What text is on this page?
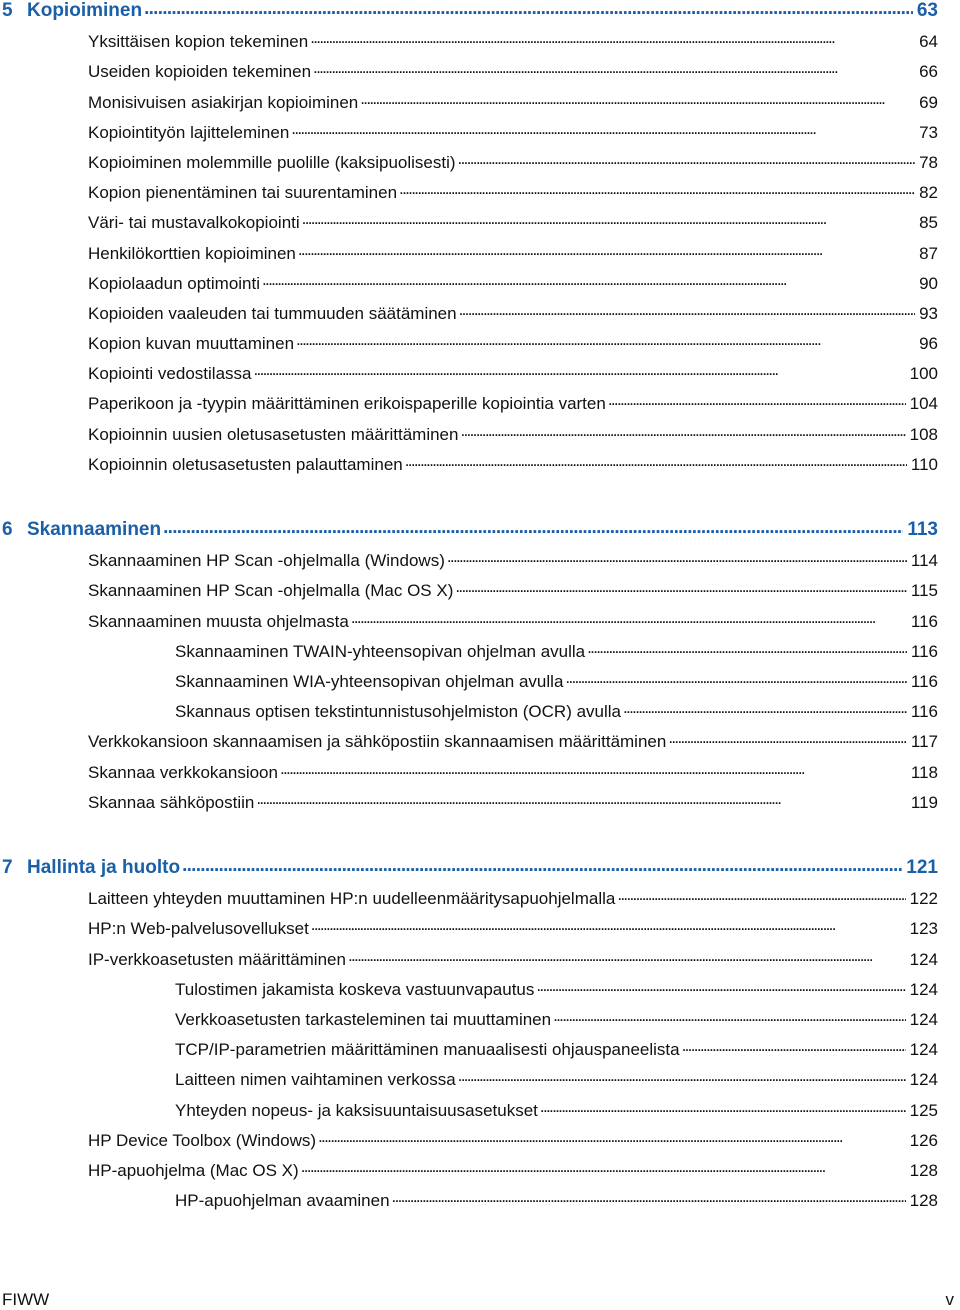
5 Kopioiminen . . .	63
Yksittäisen kopion tekeminen . . .	64
Useiden kopioiden tekeminen . . .	66
Monisivuisen asiakirjan kopioiminen . . .	69
Kopiointityön lajitteleminen . . .	73
Kopioiminen molemmille puolille (kaksipuolisesti) . . .	78
Kopion pienentäminen tai suurentaminen . . .	82
Väri- tai mustavalkokopiointi . . .	85
Henkilökorttien kopioiminen . . .	87
Kopiolaadun optimointi . . .	90
Kopioiden vaaleuden tai tummuuden säätäminen . . .	93
Kopion kuvan muuttaminen . . .	96
Kopiointi vedostilassa . . .	100
Paperikoon ja -tyypin määrittäminen erikoispaperille kopiointia varten . . .	104
Kopioinnin uusien oletusasetusten määrittäminen . . .	108
Kopioinnin oletusasetusten palauttaminen . . .	110
6 Skannaaminen . . .	113
Skannaaminen HP Scan -ohjelmalla (Windows) . . .	114
Skannaaminen HP Scan -ohjelmalla (Mac OS X) . . .	115
Skannaaminen muusta ohjelmasta . . .	116
Skannaaminen TWAIN-yhteensopivan ohjelman avulla . . .	116
Skannaaminen WIA-yhteensopivan ohjelman avulla . . .	116
Skannaus optisen tekstintunnistusohjelmiston (OCR) avulla . . .	116
Verkkokansioon skannaamisen ja sähköpostiin skannaamisen määrittäminen . . .	117
Skannaa verkkokansioon . . .	118
Skannaa sähköpostiin . . .	119
7 Hallinta ja huolto . . .	121
Laitteen yhteyden muuttaminen HP:n uudelleenmääritysapuohjelmalla . . .	122
HP:n Web-palvelusovellukset . . .	123
IP-verkkoasetusten määrittäminen . . .	124
Tulostimen jakamista koskeva vastuunvapautus . . .	124
Verkkoasetusten tarkasteleminen tai muuttaminen . . .	124
TCP/IP-parametrien määrittäminen manuaalisesti ohjauspaneelista . . .	124
Laitteen nimen vaihtaminen verkossa . . .	124
Yhteyden nopeus- ja kaksisuuntaisuusasetukset . . .	125
HP Device Toolbox (Windows) . . .	126
HP-apuohjelma (Mac OS X) . . .	128
HP-apuohjelman avaaminen . . .	128
FIWW	v
